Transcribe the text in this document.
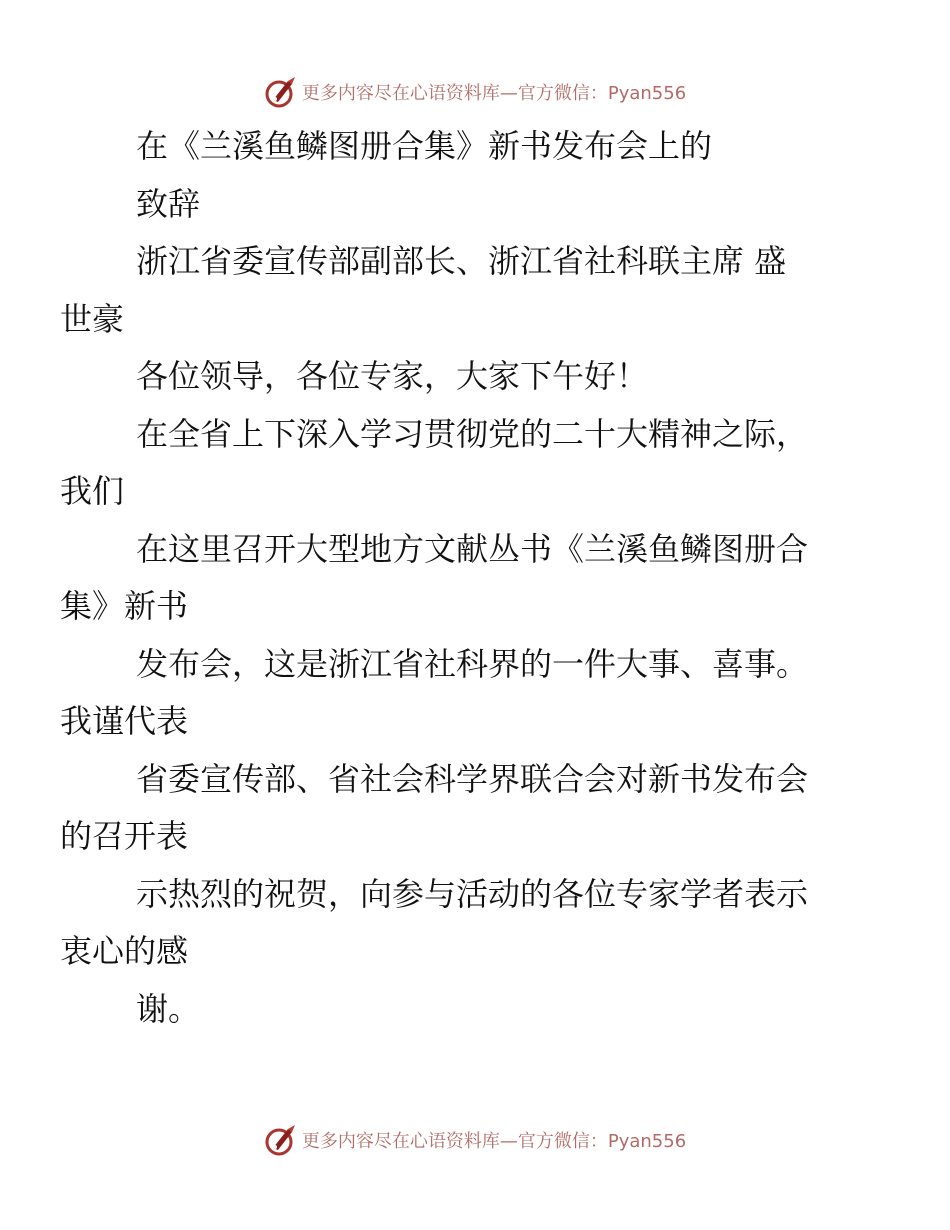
更多内容尽在心语资料库—官方微信：Pyan556

在《兰溪鱼鳞图册合集》新书发布会上的
致辞

浙江省委宣传部副部长、浙江省社科联主席 盛
世豪

各位领导，各位专家，大家下午好！

在全省上下深入学习贯彻党的二十大精神之际，
我们

在这里召开大型地方文献丛书《兰溪鱼鳞图册合
集》新书

发布会，这是浙江省社科界的一件大事、喜事。
我谨代表

省委宣传部、省社会科学界联合会对新书发布会
的召开表

示热烈的祝贺，向参与活动的各位专家学者表示
衷心的感

谢。

更多内容尽在心语资料库—官方微信：Pyan556
